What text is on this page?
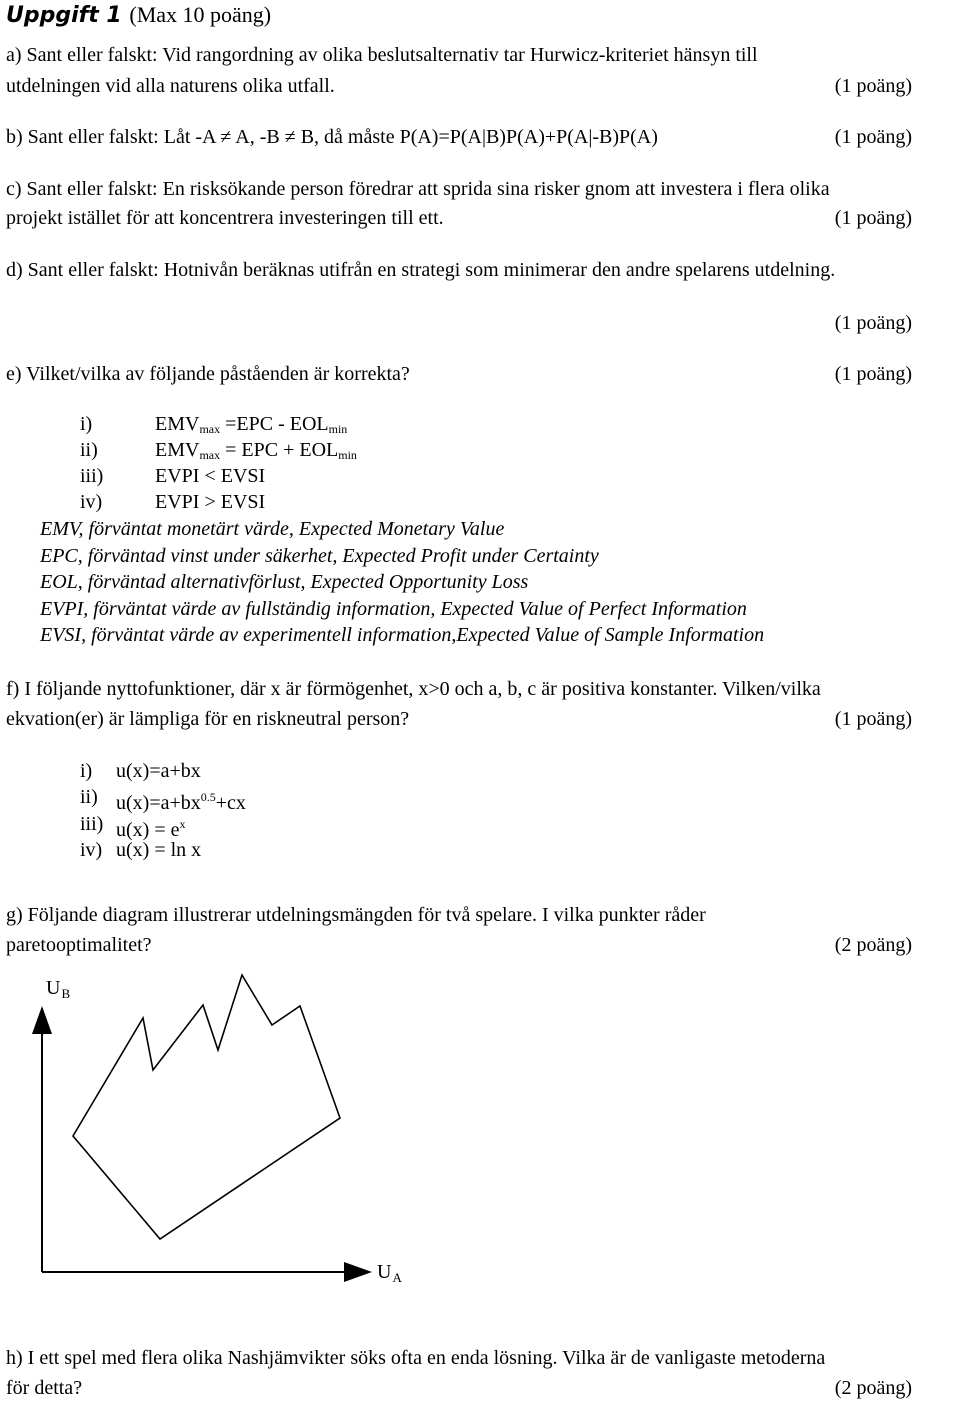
Uppgift 1 (Max 10 poäng)
a) Sant eller falskt: Vid rangordning av olika beslutsalternativ tar Hurwicz-kriteriet hänsyn till
utdelningen vid alla naturens olika utfall.	(1 poäng)
b) Sant eller falskt: Låt -A ≠ A, -B ≠ B, då måste P(A)=P(A|B)P(A)+P(A|-B)P(A)	(1 poäng)
c) Sant eller falskt: En risksökande person föredrar att sprida sina risker gnom att investera i flera olika
projekt istället för att koncentrera investeringen till ett.	(1 poäng)
d) Sant eller falskt: Hotnivån beräknas utifrån en strategi som minimerar den andre spelarens utdelning.
(1 poäng)
e) Vilket/vilka av följande påståenden är korrekta?	(1 poäng)
i)	$EMV_{max} =EPC - EOL_{min}$
ii)	$EMV_{max}$ = EPC + $EOL_{min}$
iii)	EVPI < EVSI
iv)	EVPI > EVSI
EMV, förväntat monetärt värde, Expected Monetary Value
EPC, förväntad vinst under säkerhet, Expected Profit under Certainty
EOL, förväntad alternativförlust, Expected Opportunity Loss
EVPI, förväntat värde av fullständig information, Expected Value of Perfect Information
EVSI, förväntat värde av experimentell information,Expected Value of Sample Information
f) I följande nyttofunktioner, där x är förmögenhet, x>0 och a, b, c är positiva konstanter. Vilken/vilka
ekvation(er) är lämpliga för en riskneutral person?	(1 poäng)
i)	u(x)=a+bx
ii) $u(x)=a+bx^{0.5}+cx$
iii) $u(x) = e^x$
iv) u(x) = ln x
g) Följande diagram illustrerar utdelningsmängden för två spelare. I vilka punkter råder
paretooptimalitet?	(2 poäng)
$U_B$
$U_A$
h) I ett spel med flera olika Nashjämvikter söks ofta en enda lösning. Vilka är de vanligaste metoderna
för detta?	(2 poäng)
